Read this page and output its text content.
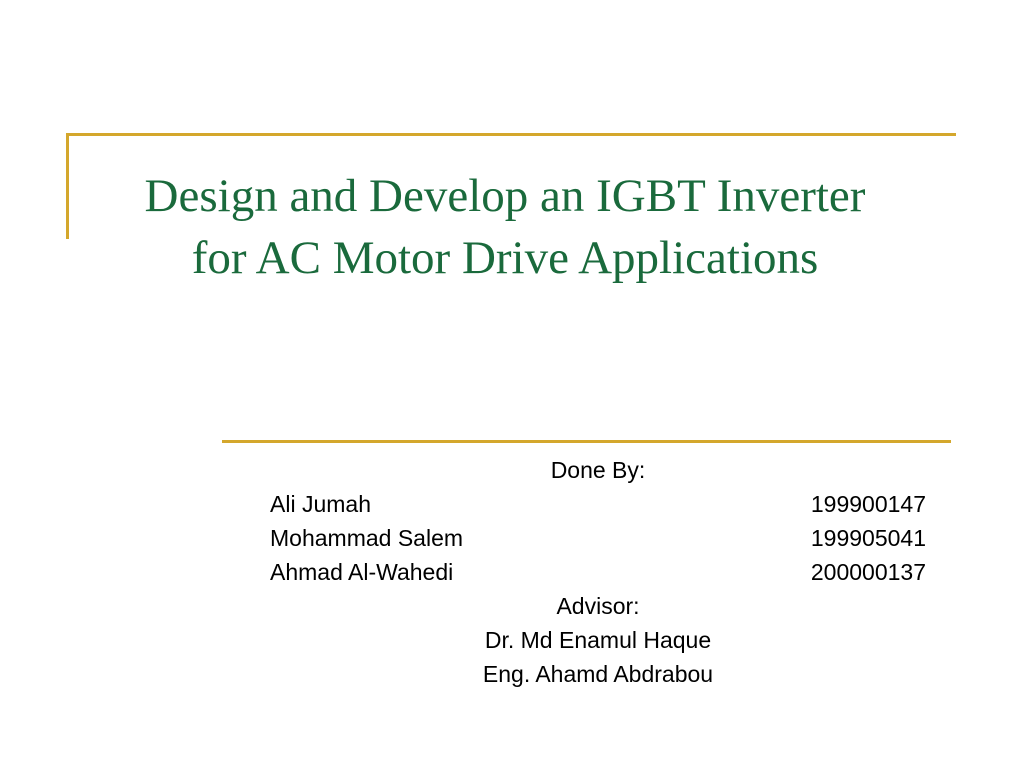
Design and Develop an IGBT Inverter
for AC Motor Drive Applications
Done By:
Ali Jumah	199900147
Mohammad Salem	199905041
Ahmad Al-Wahedi	200000137
Advisor:
Dr. Md Enamul Haque
Eng. Ahamd Abdrabou
